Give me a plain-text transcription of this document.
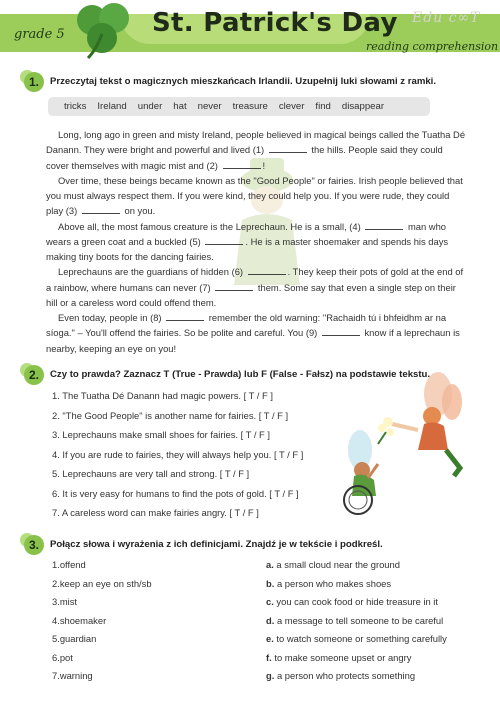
grade 5	St. Patrick's Day
reading comprehension
Edu c∞T
1.	Przeczytaj tekst o magicznych mieszkańcach Irlandii. Uzupełnij luki słowami z ramki.
tricks Ireland under hat never treasure clever find disappear

Long, long ago in green and misty Ireland, people believed in magical beings called the Tuatha Dé Danann. They were bright and powerful and lived (1)	the hills. People said they could cover themselves with magic mist and (2)	!

Over time, these beings became known as the "Good People" or fairies. Irish people believed that you must always respect them. If you were kind, they could help you. If you were rude, they could play (3)	on you.

Above all, the most famous creature is the Leprechaun. He is a small, (4)	man who wears a green coat and a buckled (5)	. He is a master shoemaker and spends his days making tiny boots for the dancing fairies.

Leprechauns are the guardians of hidden (6)	. They keep their pots of gold at the end of a rainbow, where humans can never (7)	them. Some say that even a single step on their hill or a careless word could offend them.

Even today, people in (8)	remember the old warning: "Rachaidh tú i bhfeidhm ar na síoga." – You'll offend the fairies. So be polite and careful. You (9)	know if a leprechaun is nearby, keeping an eye on you!

2.	Czy to prawda? Zaznacz T (True - Prawda) lub F (False - Fałsz) na podstawie tekstu.
1. The Tuatha Dé Danann had magic powers. [ T / F ]
2. "The Good People" is another name for fairies. [ T / F ]
3. Leprechauns make small shoes for fairies. [ T / F ]
4. If you are rude to fairies, they will always help you. [ T / F ]
5. Leprechauns are very tall and strong. [ T / F ]
6. It is very easy for humans to find the pots of gold. [ T / F ]
7. A careless word can make fairies angry. [ T / F ]
3.	Połącz słowa i wyrażenia z ich definicjami. Znajdź je w tekście i podkreśl.
1.offend
2.keep an eye on sth/sb
3.mist
4.shoemaker
5.guardian
6.pot
7.warning
a. a small cloud near the ground
b. a person who makes shoes
c. you can cook food or hide treasure in it
d. a message to tell someone to be careful
e. to watch someone or something carefully
f. to make someone upset or angry
g. a person who protects something
